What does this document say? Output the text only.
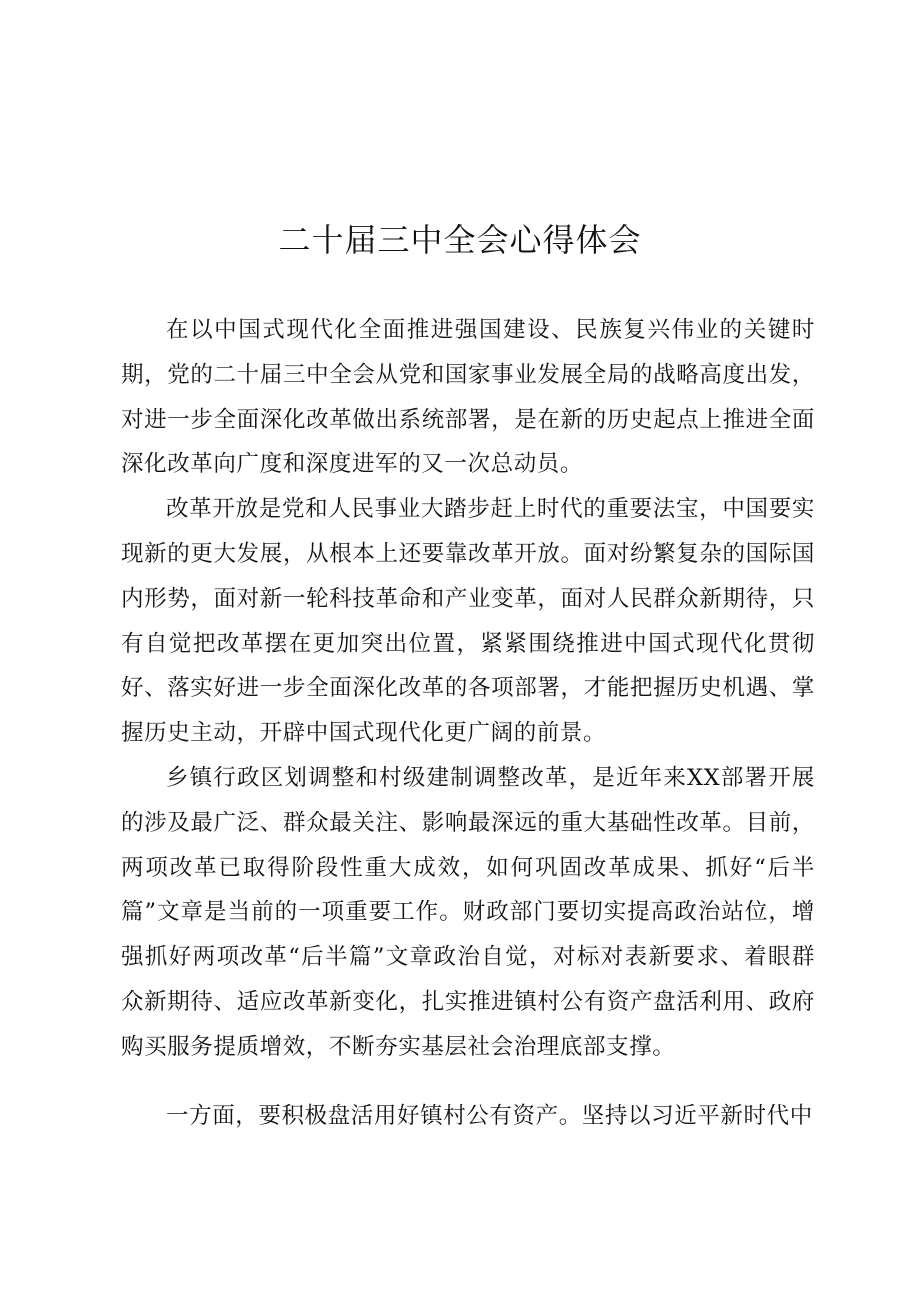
二十届三中全会心得体会

在以中国式现代化全面推进强国建设、民族复兴伟业的关键时期，党的二十届三中全会从党和国家事业发展全局的战略高度出发，对进一步全面深化改革做出系统部署，是在新的历史起点上推进全面深化改革向广度和深度进军的又一次总动员。

改革开放是党和人民事业大踏步赶上时代的重要法宝，中国要实现新的更大发展，从根本上还要靠改革开放。面对纷繁复杂的国际国内形势，面对新一轮科技革命和产业变革，面对人民群众新期待，只有自觉把改革摆在更加突出位置，紧紧围绕推进中国式现代化贯彻好、落实好进一步全面深化改革的各项部署，才能把握历史机遇、掌握历史主动，开辟中国式现代化更广阔的前景。

乡镇行政区划调整和村级建制调整改革，是近年来XX部署开展的涉及最广泛、群众最关注、影响最深远的重大基础性改革。目前，两项改革已取得阶段性重大成效，如何巩固改革成果、抓好“后半篇”文章是当前的一项重要工作。财政部门要切实提高政治站位，增强抓好两项改革“后半篇”文章政治自觉，对标对表新要求、着眼群众新期待、适应改革新变化，扎实推进镇村公有资产盘活利用、政府购买服务提质增效，不断夯实基层社会治理底部支撑。

一方面，要积极盘活用好镇村公有资产。坚持以习近平新时代中
